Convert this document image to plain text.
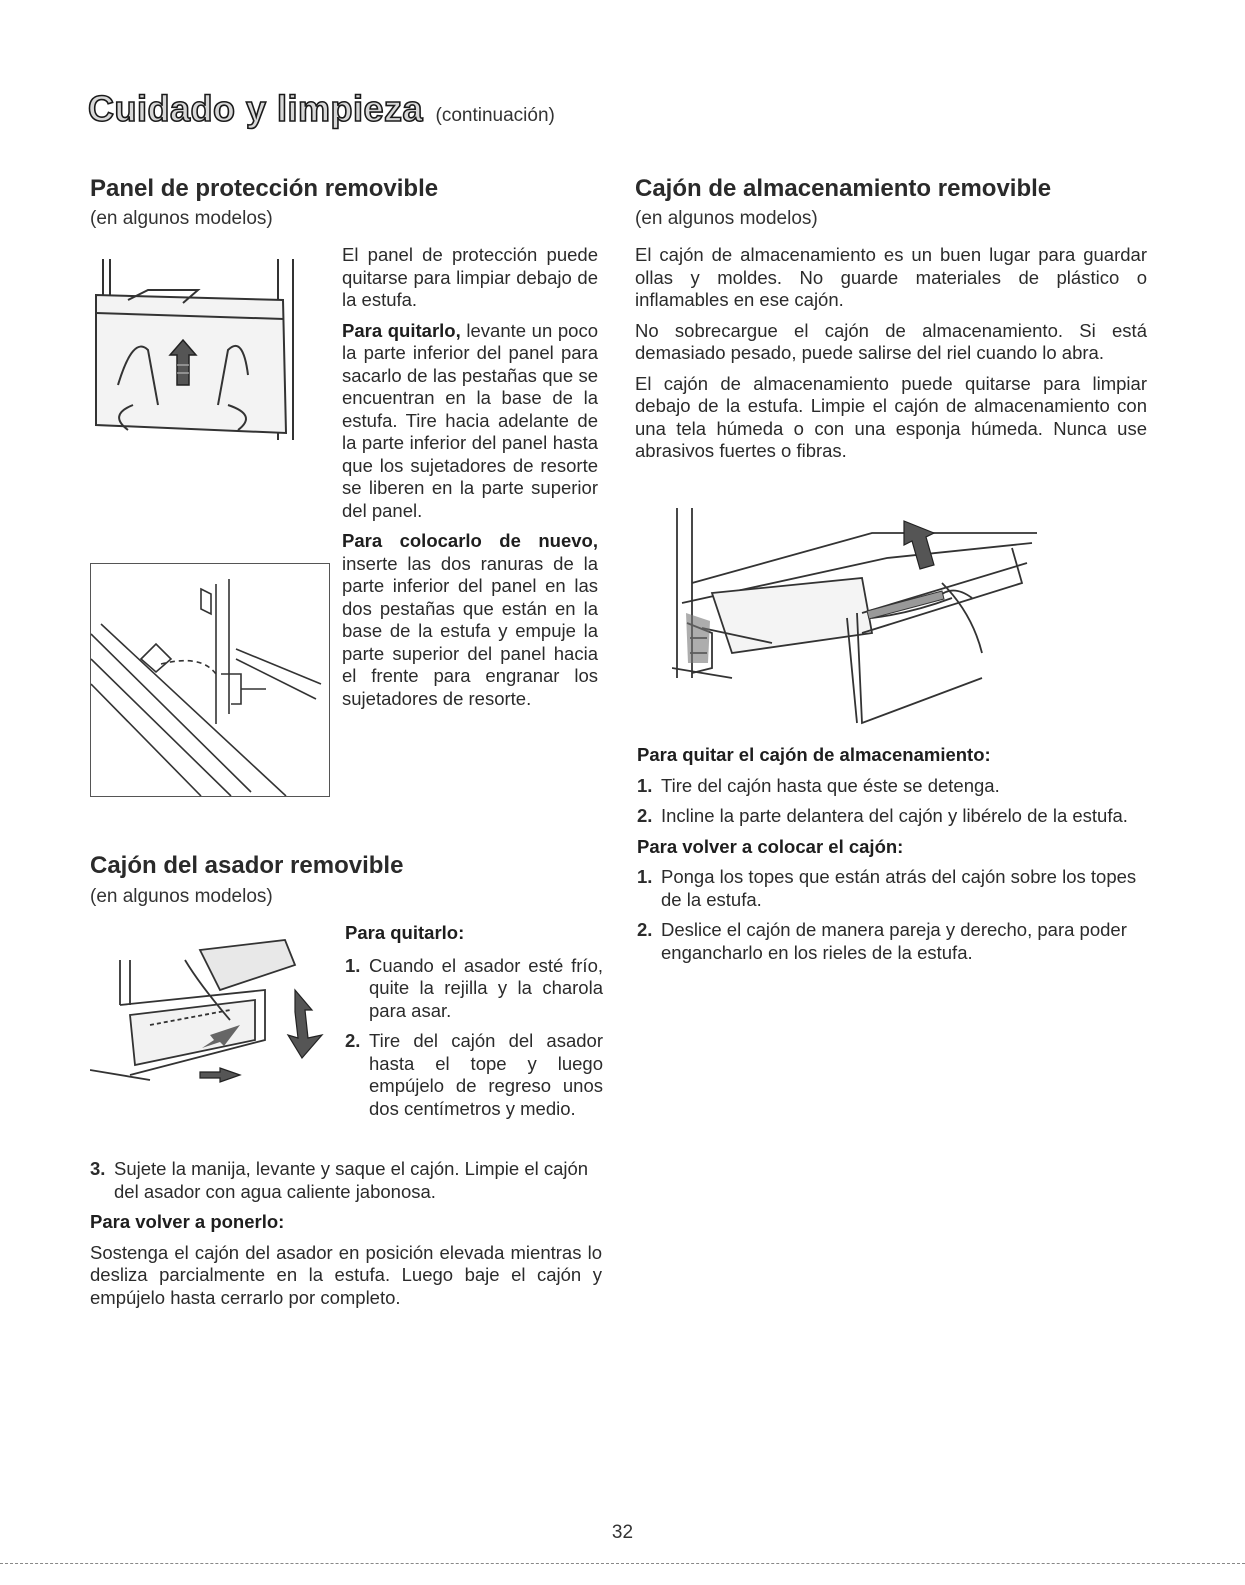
Cuidado y limpieza (continuación)
Panel de protección removible
(en algunos modelos)

El panel de protección puede quitarse para limpiar debajo de la estufa.

Para quitarlo, levante un poco la parte inferior del panel para sacarlo de las pestañas que se encuentran en la base de la estufa. Tire hacia adelante de la parte inferior del panel hasta que los sujetadores de resorte se liberen en la parte superior del panel.

Para colocarlo de nuevo, inserte las dos ranuras de la parte inferior del panel en las dos pestañas que están en la base de la estufa y empuje la parte superior del panel hacia el frente para engranar los sujetadores de resorte.

Cajón del asador removible
(en algunos modelos)

Para quitarlo:

1. Cuando el asador esté frío, quite la rejilla y la charola para asar.
2. Tire del cajón del asador hasta el tope y luego empújelo de regreso unos dos centímetros y medio.
3. Sujete la manija, levante y saque el cajón. Limpie el cajón del asador con agua caliente jabonosa.

Para volver a ponerlo:

Sostenga el cajón del asador en posición elevada mientras lo desliza parcialmente en la estufa. Luego baje el cajón y empújelo hasta cerrarlo por completo.

Cajón de almacenamiento removible
(en algunos modelos)

El cajón de almacenamiento es un buen lugar para guardar ollas y moldes. No guarde materiales de plástico o inflamables en ese cajón.

No sobrecargue el cajón de almacenamiento. Si está demasiado pesado, puede salirse del riel cuando lo abra.

El cajón de almacenamiento puede quitarse para limpiar debajo de la estufa. Limpie el cajón de almacenamiento con una tela húmeda o con una esponja húmeda. Nunca use abrasivos fuertes o fibras.

Para quitar el cajón de almacenamiento:

1. Tire del cajón hasta que éste se detenga.
2. Incline la parte delantera del cajón y libérelo de la estufa.

Para volver a colocar el cajón:

1. Ponga los topes que están atrás del cajón sobre los topes de la estufa.
2. Deslice el cajón de manera pareja y derecho, para poder engancharlo en los rieles de la estufa.
32
